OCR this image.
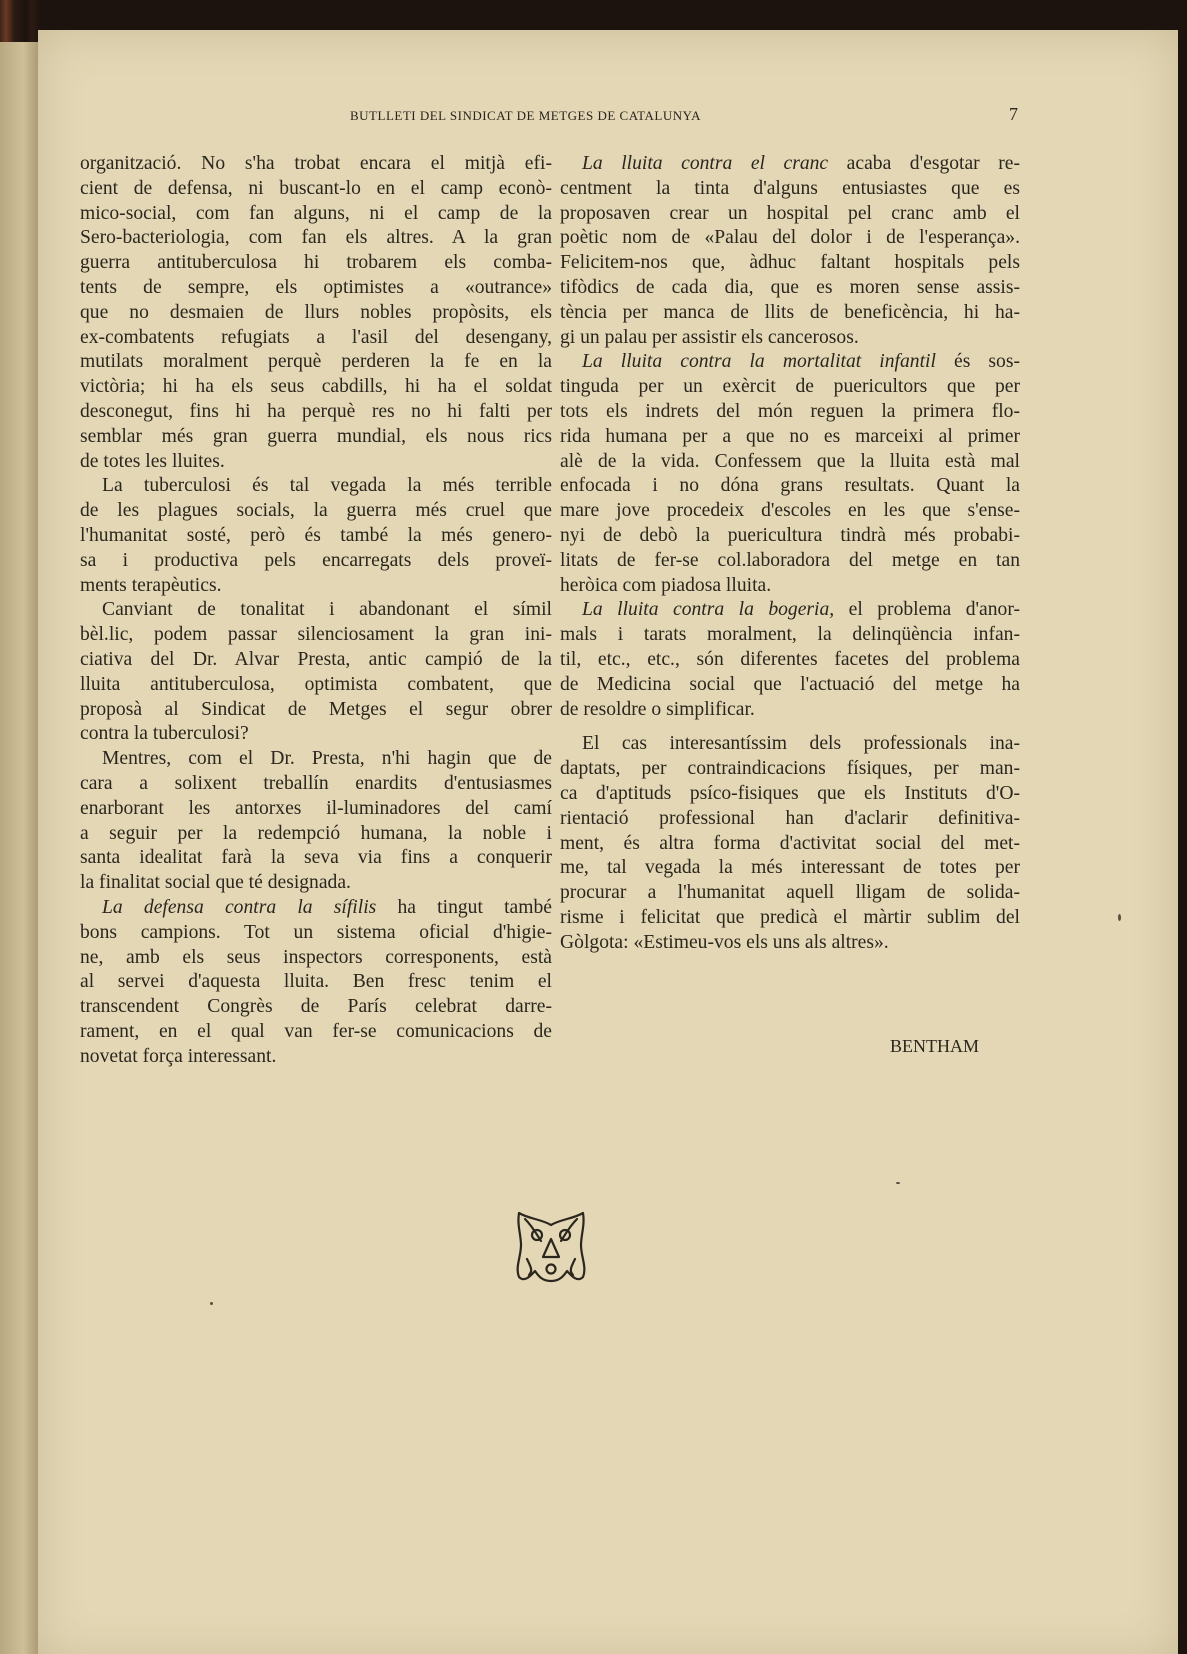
BUTLLETI DEL SINDICAT DE METGES DE CATALUNYA	7
organització. No s'ha trobat encara el mitjà efi-
cient de defensa, ni buscant-lo en el camp econò-
mico-social, com fan alguns, ni el camp de la
Sero-bacteriologia, com fan els altres. A la gran
guerra antituberculosa hi trobarem els comba-
tents de sempre, els optimistes a «outrance»
que no desmaien de llurs nobles propòsits, els
ex-combatents refugiats a l'asil del desengany,
mutilats moralment perquè perderen la fe en la
victòria; hi ha els seus cabdills, hi ha el soldat
desconegut, fins hi ha perquè res no hi falti per
semblar més gran guerra mundial, els nous rics
de totes les lluites.
La tuberculosi és tal vegada la més terrible
de les plagues socials, la guerra més cruel que
l'humanitat sosté, però és també la més genero-
sa i productiva pels encarregats dels proveï-
ments terapèutics.
Canviant de tonalitat i abandonant el símil
bèl.lic, podem passar silenciosament la gran ini-
ciativa del Dr. Alvar Presta, antic campió de la
lluita antituberculosa, optimista combatent, que
proposà al Sindicat de Metges el segur obrer
contra la tuberculosi?
Mentres, com el Dr. Presta, n'hi hagin que de
cara a solixent treballín enardits d'entusiasmes
enarborant les antorxes il-luminadores del camí
a seguir per la redempció humana, la noble i
santa idealitat farà la seva via fins a conquerir
la finalitat social que té designada.
La defensa contra la sífilis ha tingut també
bons campions. Tot un sistema oficial d'higie-
ne, amb els seus inspectors corresponents, està
al servei d'aquesta lluita. Ben fresc tenim el
transcendent Congrès de París celebrat darre-
rament, en el qual van fer-se comunicacions de
novetat força interessant.
La lluita contra el cranc acaba d'esgotar re-
centment la tinta d'alguns entusiastes que es
proposaven crear un hospital pel cranc amb el
poètic nom de «Palau del dolor i de l'esperança».
Felicitem-nos que, àdhuc faltant hospitals pels
tifòdics de cada dia, que es moren sense assis-
tència per manca de llits de beneficència, hi ha-
gi un palau per assistir els cancerosos.
La lluita contra la mortalitat infantil és sos-
tinguda per un exèrcit de puericultors que per
tots els indrets del món reguen la primera flo-
rida humana per a que no es marceixi al primer
alè de la vida. Confessem que la lluita està mal
enfocada i no dóna grans resultats. Quant la
mare jove procedeix d'escoles en les que s'ense-
nyi de debò la puericultura tindrà més probabi-
litats de fer-se col.laboradora del metge en tan
heròica com piadosa lluita.
La lluita contra la bogeria, el problema d'anor-
mals i tarats moralment, la delinqüència infan-
til, etc., etc., són diferentes facetes del problema
de Medicina social que l'actuació del metge ha
de resoldre o simplificar.
El cas interesantíssim dels professionals ina-
daptats, per contraindicacions físiques, per man-
ca d'aptituds psíco-fisiques que els Instituts d'O-
rientació professional han d'aclarir definitiva-
ment, és altra forma d'activitat social del met-
me, tal vegada la més interessant de totes per
procurar a l'humanitat aquell lligam de solida-
risme i felicitat que predicà el màrtir sublim del
Gòlgota: «Estimeu-vos els uns als altres».
BENTHAM
